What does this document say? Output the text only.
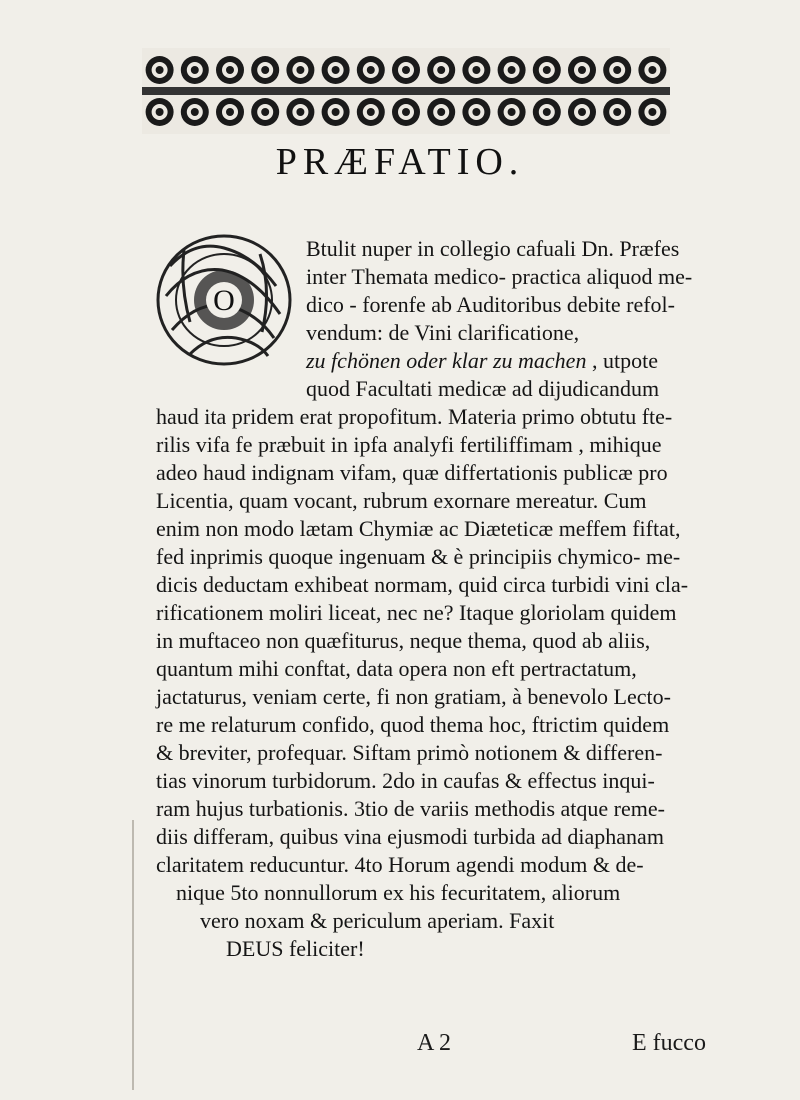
PRÆFATIO.
O
Btulit nuper in collegio cafuali Dn. Præfes
inter Themata medico- practica aliquod me-
dico - forenfe ab Auditoribus debite refol-
vendum: de Vini clarificatione,
zu fchönen oder klar zu machen , utpote
quod Facultati medicæ ad dijudicandum
haud ita pridem erat propofitum. Materia primo obtutu fte-
rilis vifa fe præbuit in ipfa analyfi fertiliffimam , mihique
adeo haud indignam vifam, quæ differtationis publicæ pro
Licentia, quam vocant, rubrum exornare mereatur. Cum
enim non modo lætam Chymiæ ac Diæteticæ meffem fiftat,
fed inprimis quoque ingenuam & è principiis chymico- me-
dicis deductam exhibeat normam, quid circa turbidi vini cla-
rificationem moliri liceat, nec ne? Itaque gloriolam quidem
in muftaceo non quæfiturus, neque thema, quod ab aliis,
quantum mihi conftat, data opera non eft pertractatum,
jactaturus, veniam certe, fi non gratiam, à benevolo Lecto-
re me relaturum confido, quod thema hoc, ftrictim quidem
& breviter, profequar. Siftam primò notionem & differen-
tias vinorum turbidorum. 2do in caufas & effectus inqui-
ram hujus turbationis. 3tio de variis methodis atque reme-
diis differam, quibus vina ejusmodi turbida ad diaphanam
claritatem reducuntur. 4to Horum agendi modum & de-
nique 5to nonnullorum ex his fecuritatem, aliorum
vero noxam & periculum aperiam. Faxit
DEUS feliciter!
A 2	E fucco
